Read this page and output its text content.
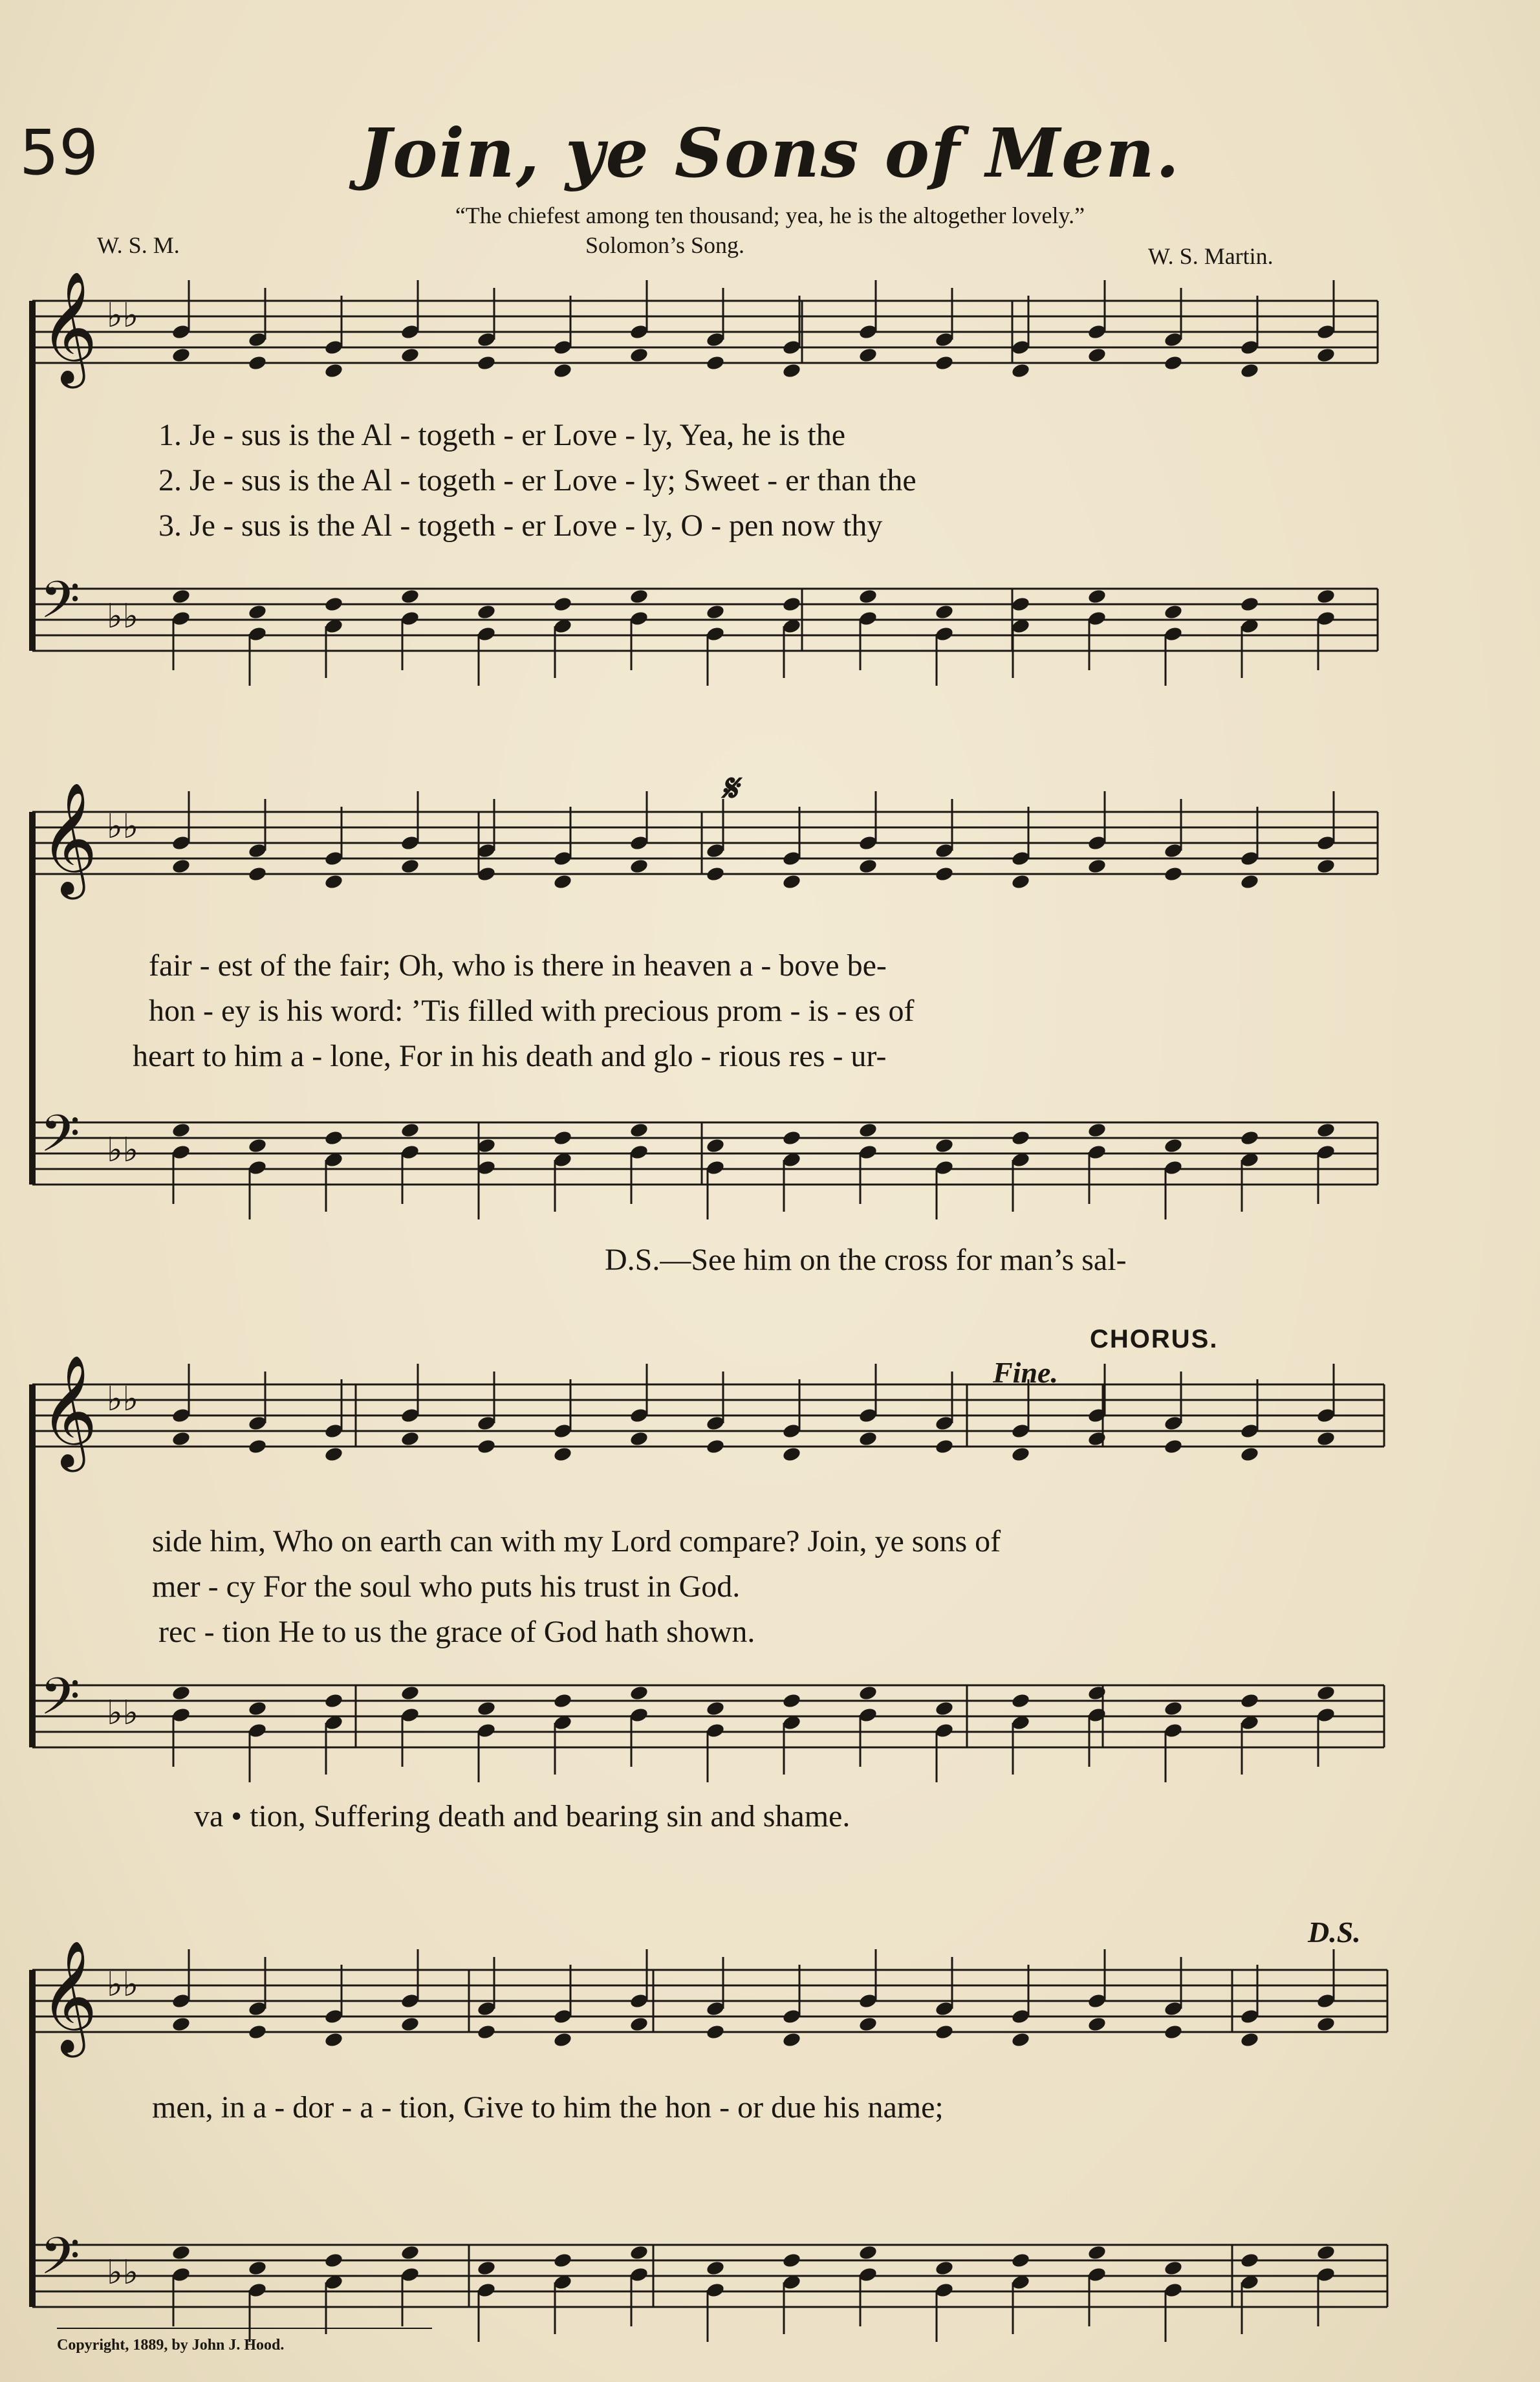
𝄞 ♭♭
𝄢 ♭♭
𝄞 ♭♭
𝄢 ♭♭
𝄞 ♭♭
𝄢 ♭♭
𝄞 ♭♭
𝄢 ♭♭
59	Join, ye Sons of Men.
“The chiefest among ten thousand; yea, he is the altogether lovely.”
W. S. M.	Solomon’s Song.	W. S. Martin.
1. Je - sus is the Al - togeth - er Love - ly, Yea, he is the
2. Je - sus is the Al - togeth - er Love - ly; Sweet - er than the
3. Je - sus is the Al - togeth - er Love - ly, O - pen now thy
𝄋
fair - est of the fair; Oh, who is there in heaven a - bove be-
hon - ey is his word: ’Tis filled with precious prom - is - es of
heart to him a - lone, For in his death and glo - rious res - ur-
D.S.—See him on the cross for man’s sal-
CHORUS.
Fine.
side him, Who on earth can with my Lord compare? Join, ye sons of
mer - cy For the soul who puts his trust in God.
rec - tion He to us the grace of God hath shown.
va • tion, Suffering death and bearing sin and shame.
D.S.
men, in a - dor - a - tion, Give to him the hon - or due his name;
Copyright, 1889, by John J. Hood.
